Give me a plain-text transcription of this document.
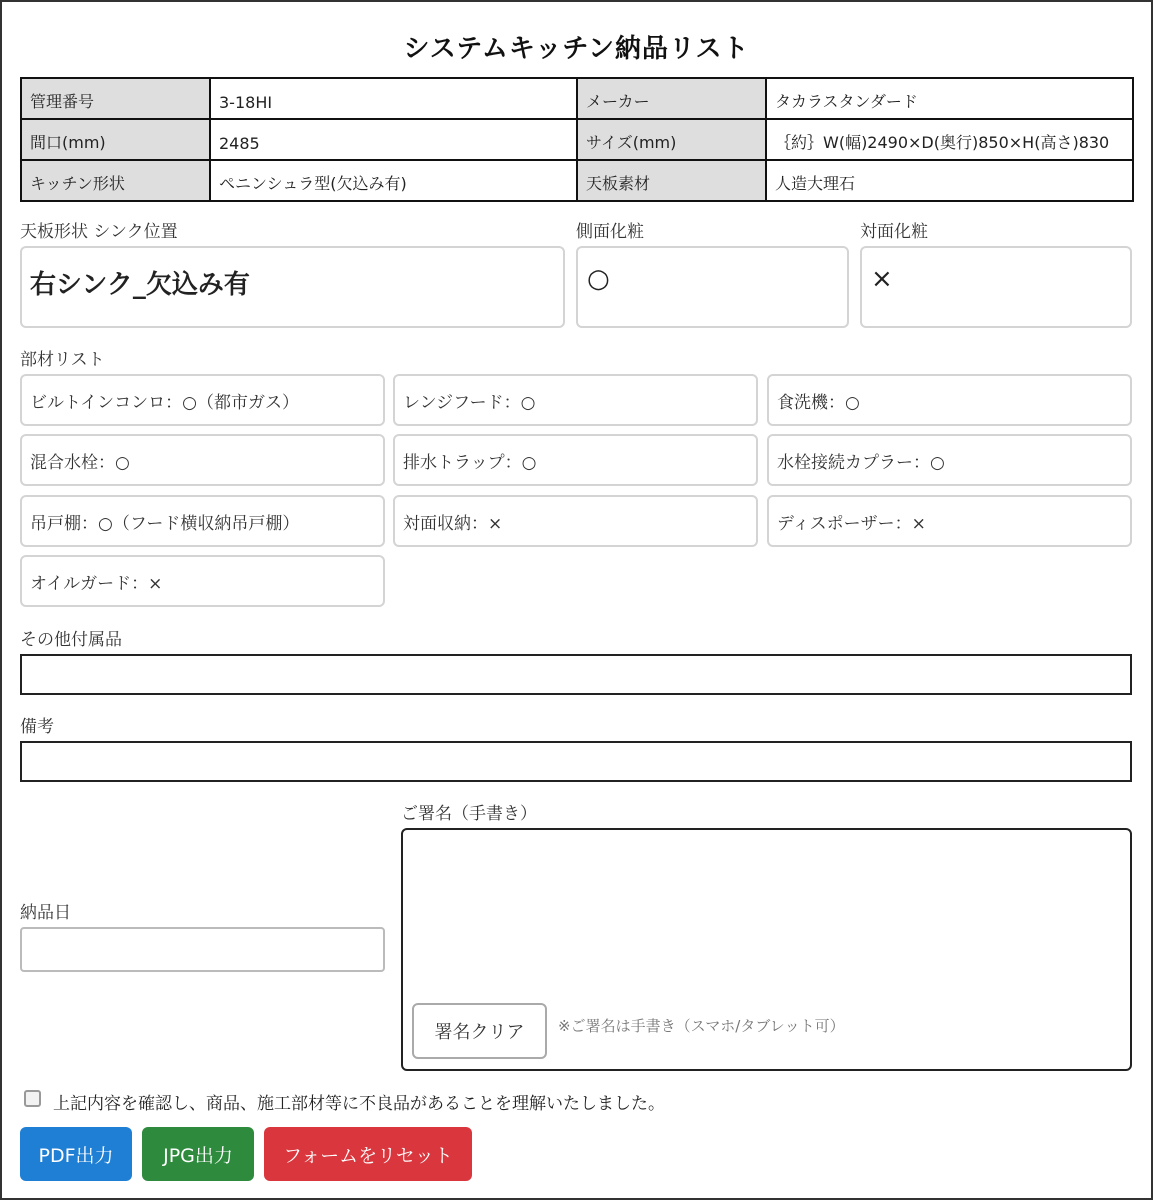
システムキッチン納品リスト
管理番号	3-18HI	メーカー	タカラスタンダード
間口(mm)	2485	サイズ(mm)	｛約｝W(幅)2490×D(奥行)850×H(高さ)830
キッチン形状	ペニンシュラ型(欠込み有)	天板素材	人造大理石
天板形状 シンク位置	側面化粧	対面化粧
右シンク_欠込み有	○	×
部材リスト
ビルトインコンロ：○（都市ガス）	レンジフード：○	食洗機：○
混合水栓：○	排水トラップ：○	水栓接続カプラー：○
吊戸棚：○（フード横収納吊戸棚）	対面収納：×	ディスポーザー：×
オイルガード：×
その他付属品
備考
納品日
ご署名（手書き）
署名クリア	※ご署名は手書き（スマホ/タブレット可）
上記内容を確認し、商品、施工部材等に不良品があることを理解いたしました。
PDF出力	JPG出力	フォームをリセット
